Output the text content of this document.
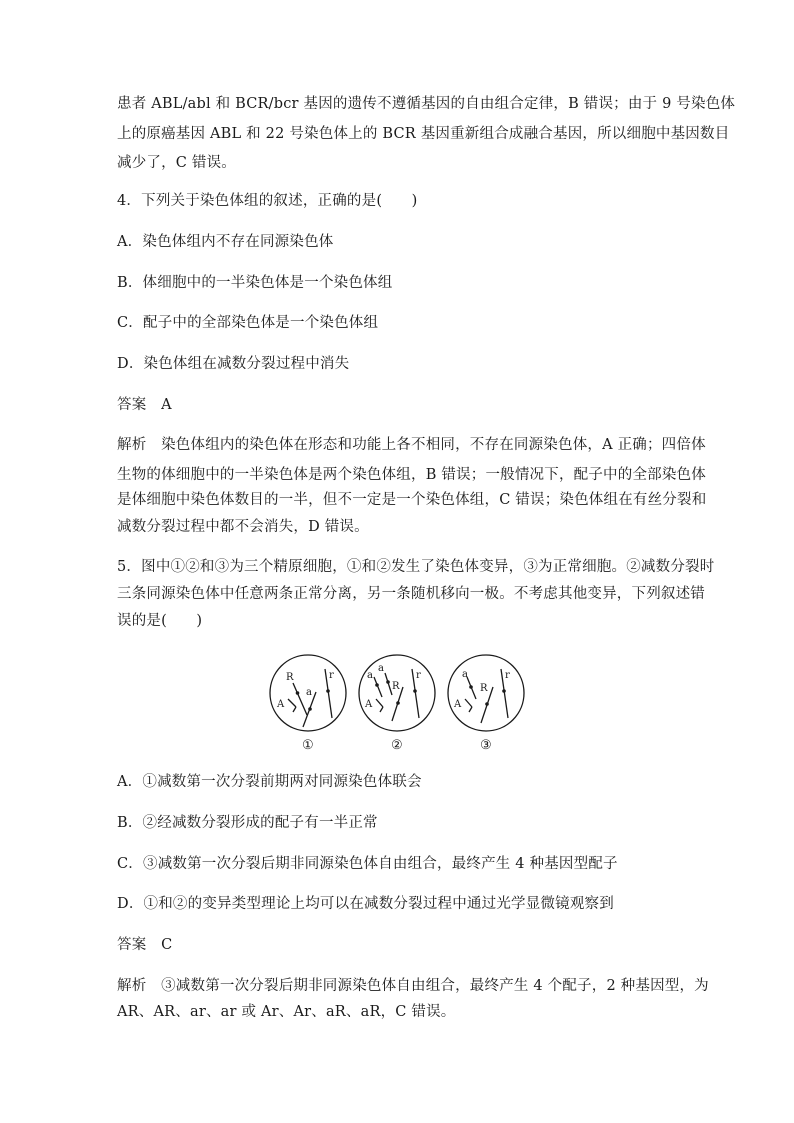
患者 ABL/abl 和 BCR/bcr 基因的遗传不遵循基因的自由组合定律，B 错误；由于 9 号染色体
上的原癌基因 ABL 和 22 号染色体上的 BCR 基因重新组合成融合基因，所以细胞中基因数目
减少了，C 错误。
4．下列关于染色体组的叙述，正确的是(　　)
A．染色体组内不存在同源染色体
B．体细胞中的一半染色体是一个染色体组
C．配子中的全部染色体是一个染色体组
D．染色体组在减数分裂过程中消失
答案　A
解析　染色体组内的染色体在形态和功能上各不相同，不存在同源染色体，A 正确；四倍体
生物的体细胞中的一半染色体是两个染色体组，B 错误；一般情况下，配子中的全部染色体
是体细胞中染色体数目的一半，但不一定是一个染色体组，C 错误；染色体组在有丝分裂和
减数分裂过程中都不会消失，D 错误。
5．图中①②和③为三个精原细胞，①和②发生了染色体变异，③为正常细胞。②减数分裂时
三条同源染色体中任意两条正常分离，另一条随机移向一极。不考虑其他变异，下列叙述错
误的是(　　)
R
a
r
A
①
a
a
R
r
A
②
a
R
r
A
③
A．①减数第一次分裂前期两对同源染色体联会
B．②经减数分裂形成的配子有一半正常
C．③减数第一次分裂后期非同源染色体自由组合，最终产生 4 种基因型配子
D．①和②的变异类型理论上均可以在减数分裂过程中通过光学显微镜观察到
答案　C
解析　③减数第一次分裂后期非同源染色体自由组合，最终产生 4 个配子，2 种基因型，为
AR、AR、ar、ar 或 Ar、Ar、aR、aR，C 错误。
